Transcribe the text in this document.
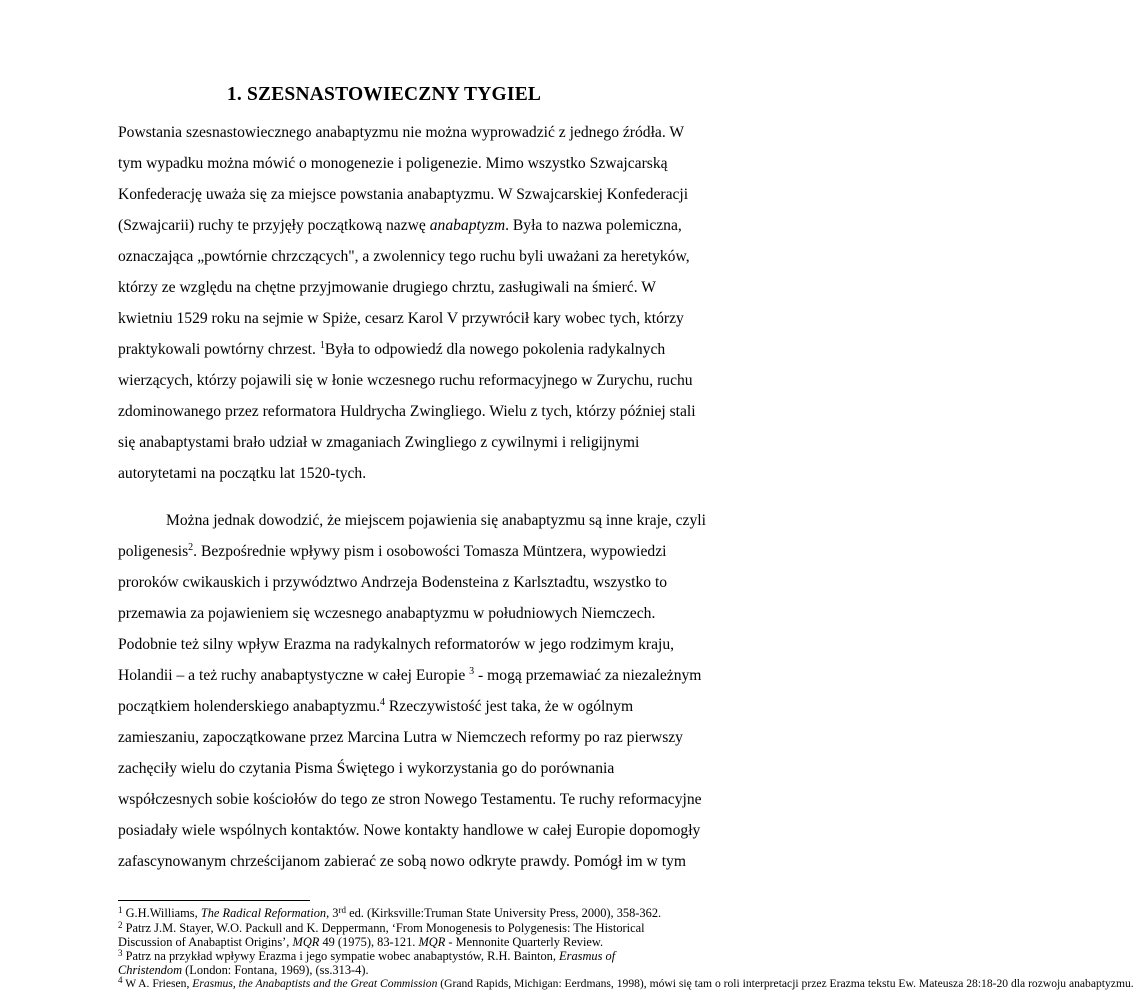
1. SZESNASTOWIECZNY TYGIEL
Powstania szesnastowiecznego anabaptyzmu nie można wyprowadzić z jednego źródła. W
tym wypadku można mówić o monogenezie i poligenezie. Mimo wszystko Szwajcarską
Konfederację uważa się za miejsce powstania anabaptyzmu. W Szwajcarskiej Konfederacji
(Szwajcarii) ruchy te przyjęły początkową nazwę anabaptyzm. Była to nazwa polemiczna,
oznaczająca „powtórnie chrzczących", a zwolennicy tego ruchu byli uważani za heretyków,
którzy ze względu na chętne przyjmowanie drugiego chrztu, zasługiwali na śmierć. W
kwietniu 1529 roku na sejmie w Spiże, cesarz Karol V przywrócił kary wobec tych, którzy
praktykowali powtórny chrzest. $^1$Była to odpowiedź dla nowego pokolenia radykalnych
wierzących, którzy pojawili się w łonie wczesnego ruchu reformacyjnego w Zurychu, ruchu
zdominowanego przez reformatora Huldrycha Zwingliego. Wielu z tych, którzy później stali
się anabaptystami brało udział w zmaganiach Zwingliego z cywilnymi i religijnymi
autorytetami na początku lat 1520-tych.
Można jednak dowodzić, że miejscem pojawienia się anabaptyzmu są inne kraje, czyli
poligenesis$^2$. Bezpośrednie wpływy pism i osobowości Tomasza Müntzera, wypowiedzi
proroków cwikauskich i przywództwo Andrzeja Bodensteina z Karlsztadtu, wszystko to
przemawia za pojawieniem się wczesnego anabaptyzmu w południowych Niemczech.
Podobnie też silny wpływ Erazma na radykalnych reformatorów w jego rodzimym kraju,
Holandii – a też ruchy anabaptystyczne w całej Europie $^3$ - mogą przemawiać za niezależnym
początkiem holenderskiego anabaptyzmu.$^4$ Rzeczywistość jest taka, że w ogólnym
zamieszaniu, zapoczątkowane przez Marcina Lutra w Niemczech reformy po raz pierwszy
zachęciły wielu do czytania Pisma Świętego i wykorzystania go do porównania
współczesnych sobie kościołów do tego ze stron Nowego Testamentu. Te ruchy reformacyjne
posiadały wiele wspólnych kontaktów. Nowe kontakty handlowe w całej Europie dopomogły
zafascynowanym chrześcijanom zabierać ze sobą nowo odkryte prawdy. Pomógł im w tym
$^1$ G.H.Williams, The Radical Reformation, 3rd ed. (Kirksville:Truman State University Press, 2000), 358-362.
$^2$ Patrz J.M. Stayer, W.O. Packull and K. Deppermann, ‘From Monogenesis to Polygenesis: The Historical
Discussion of Anabaptist Origins’, MQR 49 (1975), 83-121. MQR - Mennonite Quarterly Review.
$^3$ Patrz na przykład wpływy Erazma i jego sympatie wobec anabaptystów, R.H. Bainton, Erasmus of
Christendom (London: Fontana, 1969), (ss.313-4).
$^4$ W A. Friesen, Erasmus, the Anabaptists and the Great Commission (Grand Rapids, Michigan: Eerdmans, 1998), mówi się tam o roli interpretacji przez Erazma tekstu Ew. Mateusza 28:18-20 dla rozwoju anabaptyzmu.
